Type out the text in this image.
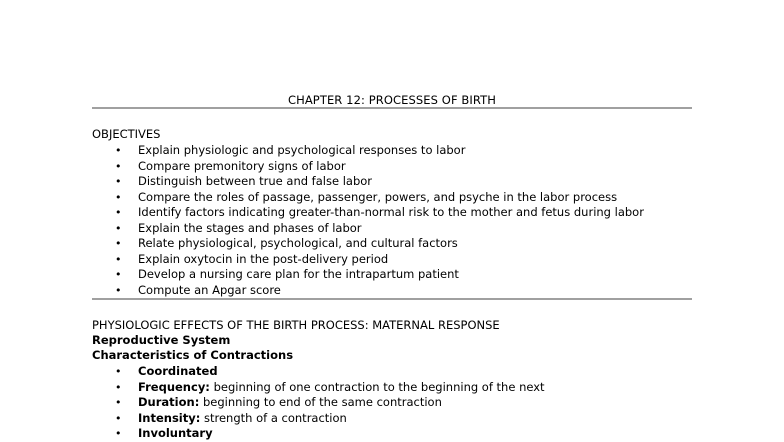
CHAPTER 12: PROCESSES OF BIRTH
OBJECTIVES
• Explain physiologic and psychological responses to labor
• Compare premonitory signs of labor
• Distinguish between true and false labor
• Compare the roles of passage, passenger, powers, and psyche in the labor process
• Identify factors indicating greater-than-normal risk to the mother and fetus during labor
• Explain the stages and phases of labor
• Relate physiological, psychological, and cultural factors
• Explain oxytocin in the post-delivery period
• Develop a nursing care plan for the intrapartum patient
• Compute an Apgar score
PHYSIOLOGIC EFFECTS OF THE BIRTH PROCESS: MATERNAL RESPONSE
Reproductive System
Characteristics of Contractions
• Coordinated
• Frequency: beginning of one contraction to the beginning of the next
• Duration: beginning to end of the same contraction
• Intensity: strength of a contraction
• Involuntary
